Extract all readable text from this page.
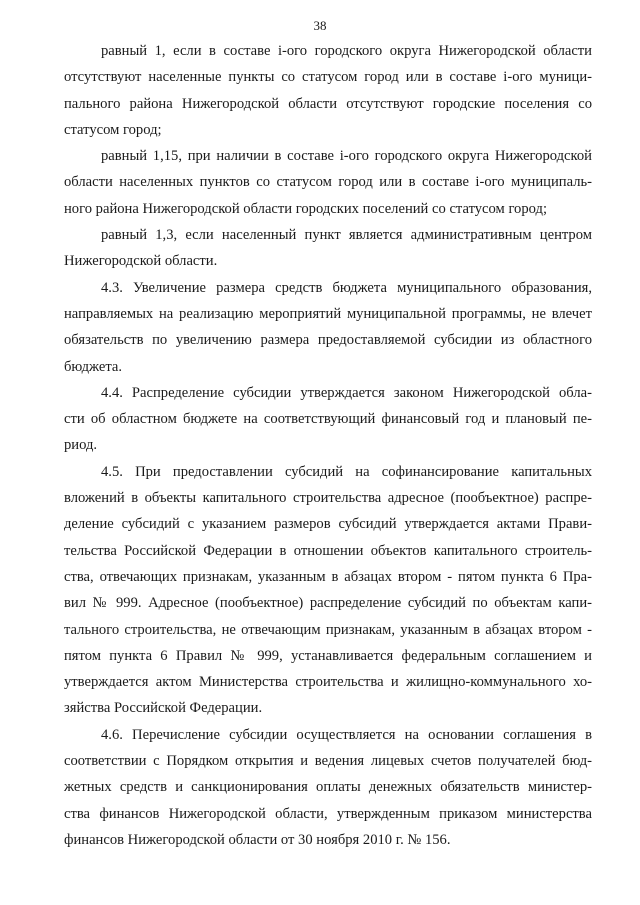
38
равный 1, если в составе i-ого городского округа Нижегородской области
отсутствуют населенные пункты со статусом город или в составе i-ого муници-
пального района Нижегородской области отсутствуют городские поселения со
статусом город;
равный 1,15, при наличии в составе i-ого городского округа Нижегородской
области населенных пунктов со статусом город или в составе i-ого муниципаль-
ного района Нижегородской области городских поселений со статусом город;
равный 1,3, если населенный пункт является административным центром
Нижегородской области.
4.3. Увеличение размера средств бюджета муниципального образования,
направляемых на реализацию мероприятий муниципальной программы, не влечет
обязательств по увеличению размера предоставляемой субсидии из областного
бюджета.
4.4. Распределение субсидии утверждается законом Нижегородской обла-
сти об областном бюджете на соответствующий финансовый год и плановый пе-
риод.
4.5. При предоставлении субсидий на софинансирование капитальных
вложений в объекты капитального строительства адресное (пообъектное) распре-
деление субсидий с указанием размеров субсидий утверждается актами Прави-
тельства Российской Федерации в отношении объектов капитального строитель-
ства, отвечающих признакам, указанным в абзацах втором - пятом пункта 6 Пра-
вил № 999. Адресное (пообъектное) распределение субсидий по объектам капи-
тального строительства, не отвечающим признакам, указанным в абзацах втором -
пятом пункта 6 Правил № 999, устанавливается федеральным соглашением и
утверждается актом Министерства строительства и жилищно-коммунального хо-
зяйства Российской Федерации.
4.6. Перечисление субсидии осуществляется на основании соглашения в
соответствии с Порядком открытия и ведения лицевых счетов получателей бюд-
жетных средств и санкционирования оплаты денежных обязательств министер-
ства финансов Нижегородской области, утвержденным приказом министерства
финансов Нижегородской области от 30 ноября 2010 г. № 156.
